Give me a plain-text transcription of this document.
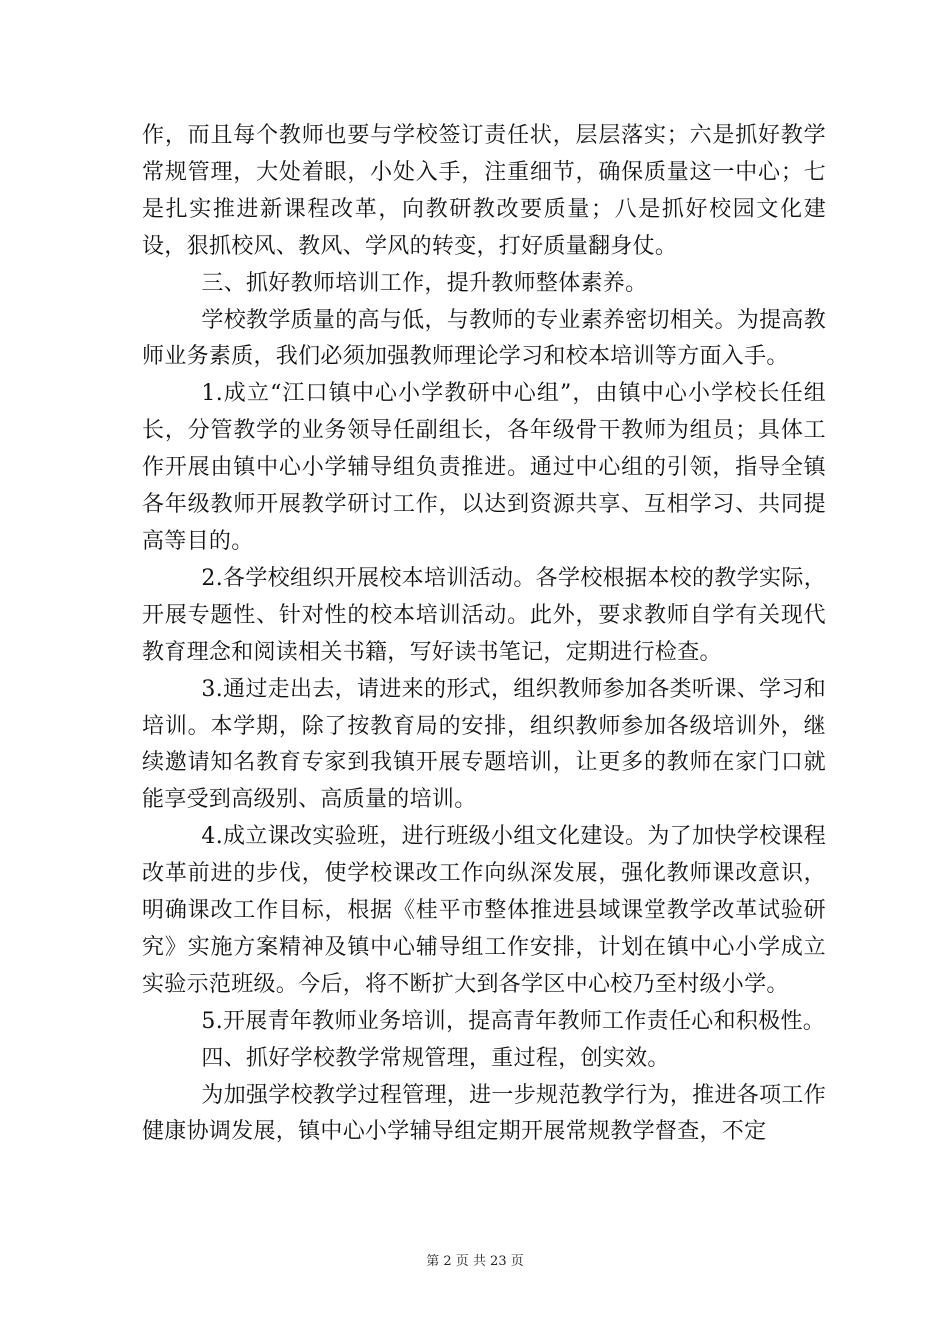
作，而且每个教师也要与学校签订责任状，层层落实；六是抓好教学常规管理，大处着眼，小处入手，注重细节，确保质量这一中心；七是扎实推进新课程改革，向教研教改要质量；八是抓好校园文化建设，狠抓校风、教风、学风的转变，打好质量翻身仗。

三、抓好教师培训工作，提升教师整体素养。

学校教学质量的高与低，与教师的专业素养密切相关。为提高教师业务素质，我们必须加强教师理论学习和校本培训等方面入手。

1.成立“江口镇中心小学教研中心组”，由镇中心小学校长任组长，分管教学的业务领导任副组长，各年级骨干教师为组员；具体工作开展由镇中心小学辅导组负责推进。通过中心组的引领，指导全镇各年级教师开展教学研讨工作，以达到资源共享、互相学习、共同提高等目的。

2.各学校组织开展校本培训活动。各学校根据本校的教学实际，开展专题性、针对性的校本培训活动。此外，要求教师自学有关现代教育理念和阅读相关书籍，写好读书笔记，定期进行检查。

3.通过走出去，请进来的形式，组织教师参加各类听课、学习和培训。本学期，除了按教育局的安排，组织教师参加各级培训外，继续邀请知名教育专家到我镇开展专题培训，让更多的教师在家门口就能享受到高级别、高质量的培训。

4.成立课改实验班，进行班级小组文化建设。为了加快学校课程改革前进的步伐，使学校课改工作向纵深发展，强化教师课改意识，明确课改工作目标，根据《桂平市整体推进县域课堂教学改革试验研究》实施方案精神及镇中心辅导组工作安排，计划在镇中心小学成立实验示范班级。今后，将不断扩大到各学区中心校乃至村级小学。

5.开展青年教师业务培训，提高青年教师工作责任心和积极性。

四、抓好学校教学常规管理，重过程，创实效。

为加强学校教学过程管理，进一步规范教学行为，推进各项工作健康协调发展，镇中心小学辅导组定期开展常规教学督查，不定

第 2 页 共 23 页
